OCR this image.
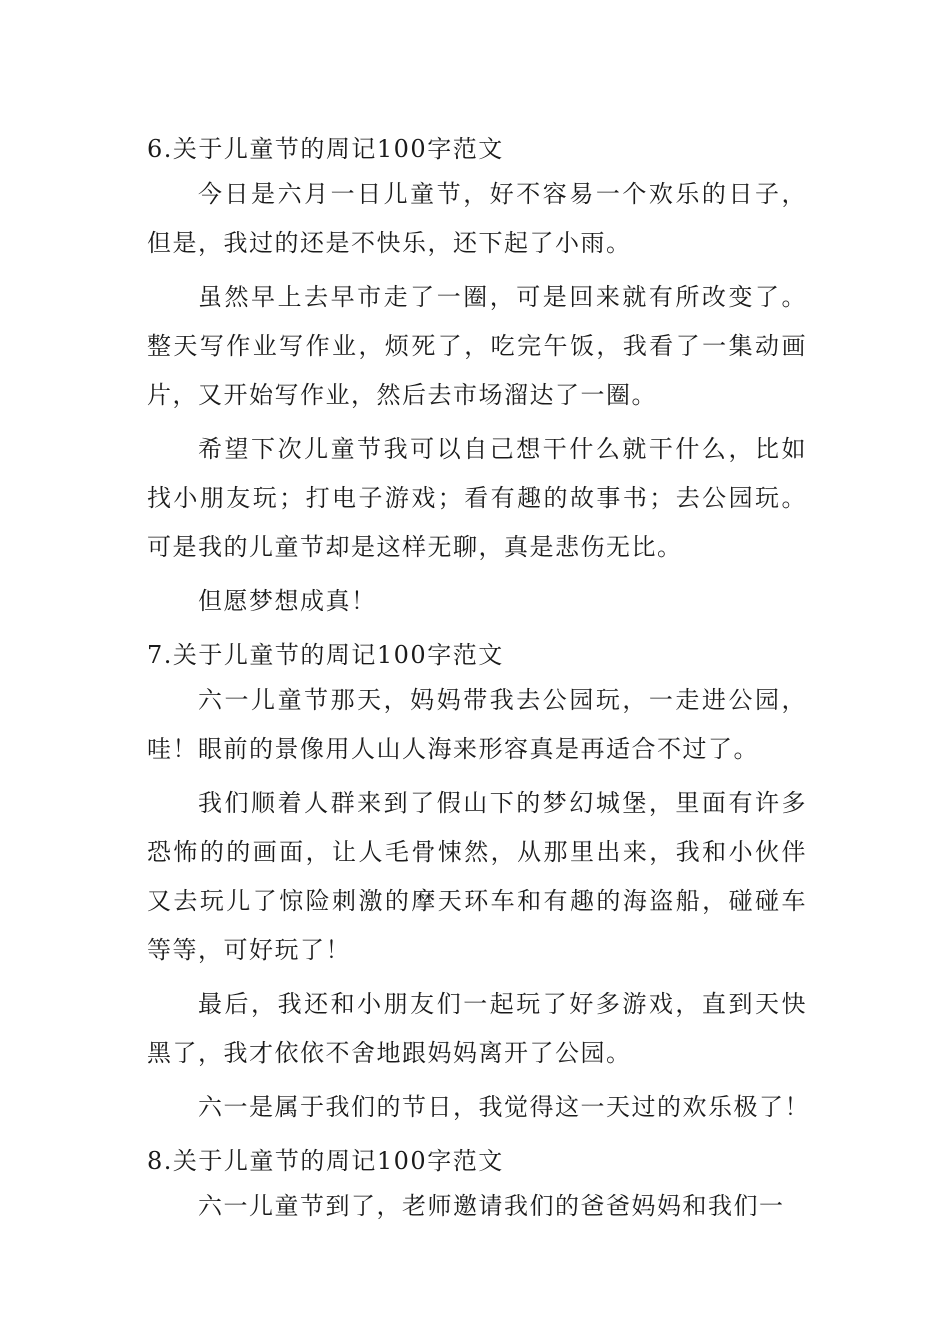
6.关于儿童节的周记100字范文

今日是六月一日儿童节，好不容易一个欢乐的日子，但是，我过的还是不快乐，还下起了小雨。

虽然早上去早市走了一圈，可是回来就有所改变了。整天写作业写作业，烦死了，吃完午饭，我看了一集动画片，又开始写作业，然后去市场溜达了一圈。

希望下次儿童节我可以自己想干什么就干什么，比如找小朋友玩；打电子游戏；看有趣的故事书；去公园玩。可是我的儿童节却是这样无聊，真是悲伤无比。

但愿梦想成真！

7.关于儿童节的周记100字范文

六一儿童节那天，妈妈带我去公园玩，一走进公园，哇！眼前的景像用人山人海来形容真是再适合不过了。

我们顺着人群来到了假山下的梦幻城堡，里面有许多恐怖的的画面，让人毛骨悚然，从那里出来，我和小伙伴又去玩儿了惊险刺激的摩天环车和有趣的海盗船，碰碰车等等，可好玩了！

最后，我还和小朋友们一起玩了好多游戏，直到天快黑了，我才依依不舍地跟妈妈离开了公园。

六一是属于我们的节日，我觉得这一天过的欢乐极了！

8.关于儿童节的周记100字范文

六一儿童节到了，老师邀请我们的爸爸妈妈和我们一
